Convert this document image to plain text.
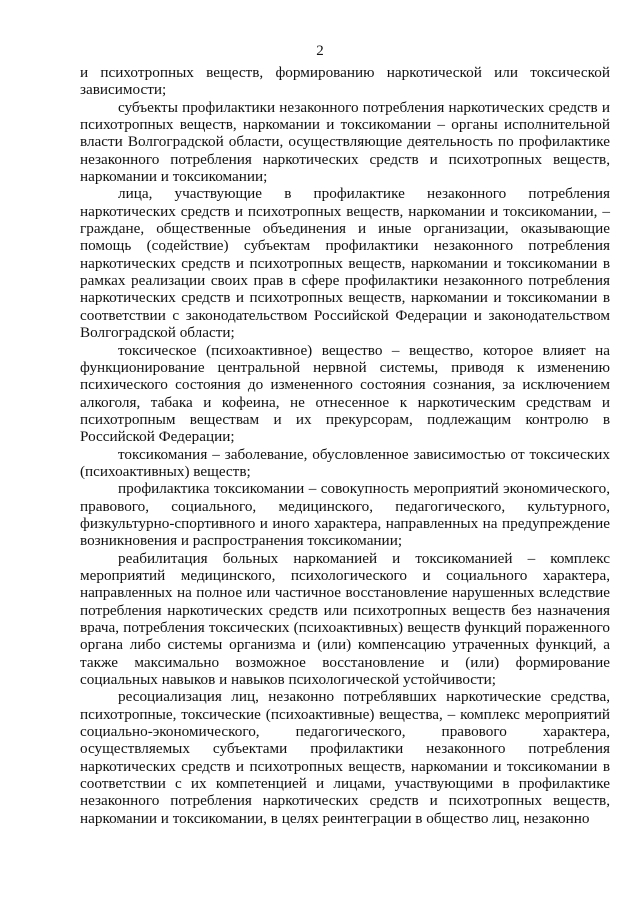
2

и психотропных веществ, формированию наркотической или токсической зависимости;

субъекты профилактики незаконного потребления наркотических средств и психотропных веществ, наркомании и токсикомании – органы исполнительной власти Волгоградской области, осуществляющие деятельность по профилактике незаконного потребления наркотических средств и психотропных веществ, наркомании и токсикомании;

лица, участвующие в профилактике незаконного потребления наркотических средств и психотропных веществ, наркомании и токсикомании, – граждане, общественные объединения и иные организации, оказывающие помощь (содействие) субъектам профилактики незаконного потребления наркотических средств и психотропных веществ, наркомании и токсикомании в рамках реализации своих прав в сфере профилактики незаконного потребления наркотических средств и психотропных веществ, наркомании и токсикомании в соответствии с законодательством Российской Федерации и законодательством Волгоградской области;

токсическое (психоактивное) вещество – вещество, которое влияет на функционирование центральной нервной системы, приводя к изменению психического состояния до измененного состояния сознания, за исключением алкоголя, табака и кофеина, не отнесенное к наркотическим средствам и психотропным веществам и их прекурсорам, подлежащим контролю в Российской Федерации;

токсикомания – заболевание, обусловленное зависимостью от токсических (психоактивных) веществ;

профилактика токсикомании – совокупность мероприятий экономического, правового, социального, медицинского, педагогического, культурного, физкультурно-спортивного и иного характера, направленных на предупреждение возникновения и распространения токсикомании;

реабилитация больных наркоманией и токсикоманией – комплекс мероприятий медицинского, психологического и социального характера, направленных на полное или частичное восстановление нарушенных вследствие потребления наркотических средств или психотропных веществ без назначения врача, потребления токсических (психоактивных) веществ функций пораженного органа либо системы организма и (или) компенсацию утраченных функций, а также максимально возможное восстановление и (или) формирование социальных навыков и навыков психологической устойчивости;

ресоциализация лиц, незаконно потреблявших наркотические средства, психотропные, токсические (психоактивные) вещества, – комплекс мероприятий социально-экономического, педагогического, правового характера, осуществляемых субъектами профилактики незаконного потребления наркотических средств и психотропных веществ, наркомании и токсикомании в соответствии с их компетенцией и лицами, участвующими в профилактике незаконного потребления наркотических средств и психотропных веществ, наркомании и токсикомании, в целях реинтеграции в общество лиц, незаконно
